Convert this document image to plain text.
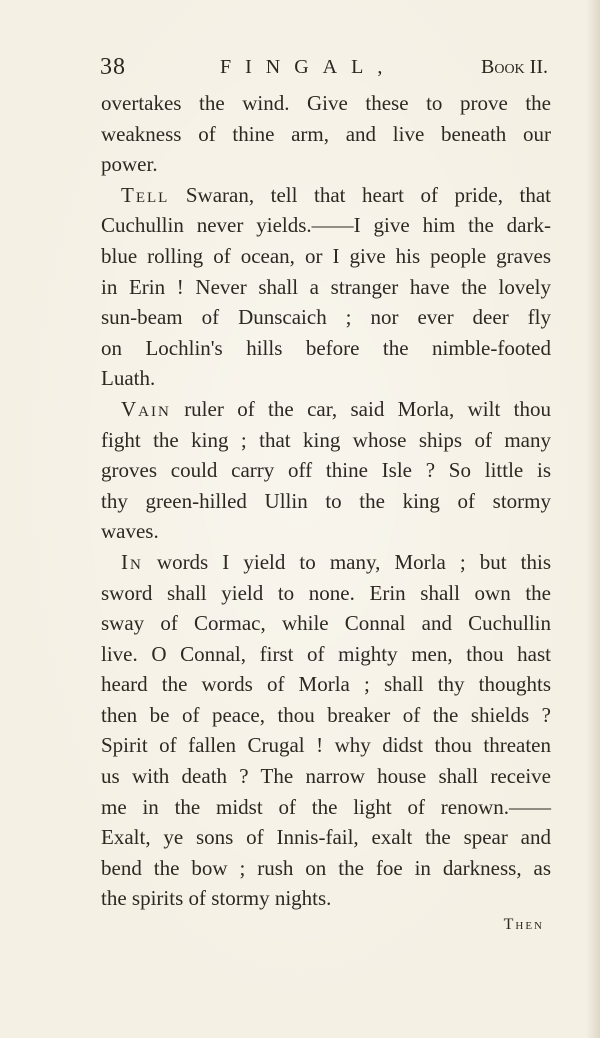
38	FINGAL,	Book II.
overtakes the wind. Give these to prove the
weakness of thine arm, and live beneath our
power.
Tell Swaran, tell that heart of pride, that
Cuchullin never yields.——I give him the dark-
blue rolling of ocean, or I give his people graves
in Erin ! Never shall a stranger have the lovely
sun-beam of Dunscaich ; nor ever deer fly
on Lochlin's hills before the nimble-footed
Luath.
Vain ruler of the car, said Morla, wilt thou
fight the king ; that king whose ships of many
groves could carry off thine Isle ? So little is
thy green-hilled Ullin to the king of stormy
waves.
In words I yield to many, Morla ; but this
sword shall yield to none. Erin shall own the
sway of Cormac, while Connal and Cuchullin
live. O Connal, first of mighty men, thou hast
heard the words of Morla ; shall thy thoughts
then be of peace, thou breaker of the shields ?
Spirit of fallen Crugal ! why didst thou threaten
us with death ? The narrow house shall receive
me in the midst of the light of renown.——
Exalt, ye sons of Innis-fail, exalt the spear and
bend the bow ; rush on the foe in darkness, as
the spirits of stormy nights.
Then
